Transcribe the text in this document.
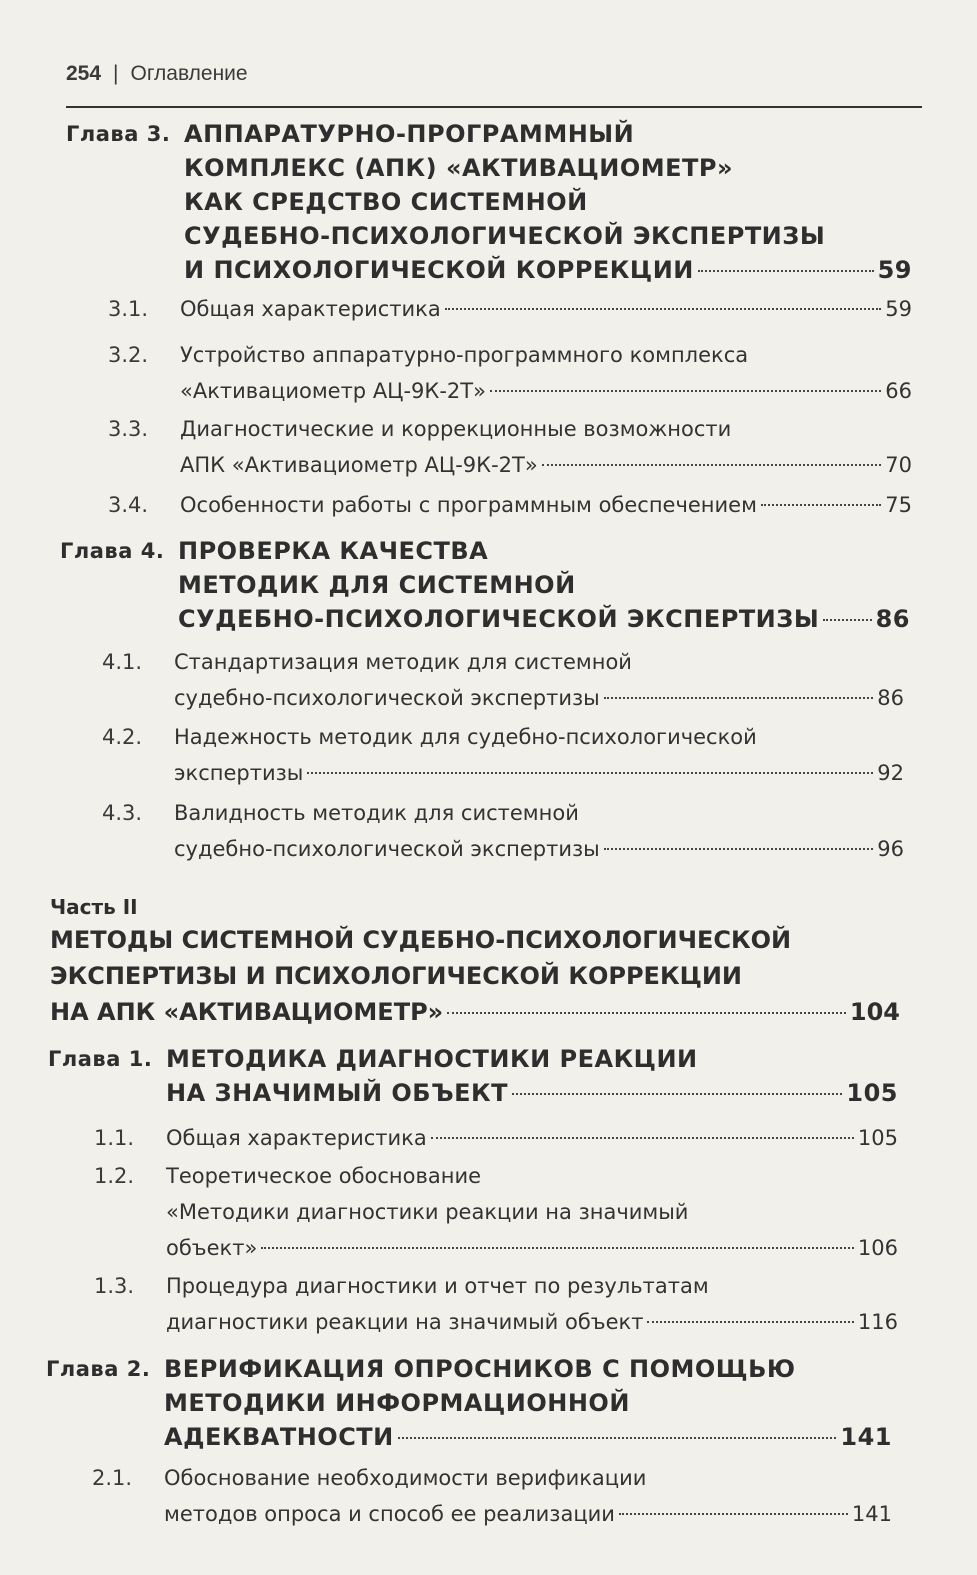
254 | Оглавление
Глава 3. АППАРАТУРНО-ПРОГРАММНЫЙ
КОМПЛЕКС (АПК) «АКТИВАЦИОМЕТР»
КАК СРЕДСТВО СИСТЕМНОЙ
СУДЕБНО-ПСИХОЛОГИЧЕСКОЙ ЭКСПЕРТИЗЫ
И ПСИХОЛОГИЧЕСКОЙ КОРРЕКЦИИ	59
3.1. Общая характеристика	59
3.2. Устройство аппаратурно-программного комплекса
«Активациометр АЦ-9К-2Т»	66
3.3. Диагностические и коррекционные возможности
АПК «Активациометр АЦ-9К-2Т»	70
3.4. Особенности работы с программным обеспечением	75
Глава 4. ПРОВЕРКА КАЧЕСТВА
МЕТОДИК ДЛЯ СИСТЕМНОЙ
СУДЕБНО-ПСИХОЛОГИЧЕСКОЙ ЭКСПЕРТИЗЫ 86
4.1. Стандартизация методик для системной
судебно-психологической экспертизы	86
4.2. Надежность методик для судебно-психологической
экспертизы	92
4.3. Валидность методик для системной
судебно-психологической экспертизы	96
Часть II
МЕТОДЫ СИСТЕМНОЙ СУДЕБНО-ПСИХОЛОГИЧЕСКОЙ
ЭКСПЕРТИЗЫ И ПСИХОЛОГИЧЕСКОЙ КОРРЕКЦИИ
НА АПК «АКТИВАЦИОМЕТР»	104
Глава 1. МЕТОДИКА ДИАГНОСТИКИ РЕАКЦИИ
НА ЗНАЧИМЫЙ ОБЪЕКТ	105
1.1. Общая характеристика	105
1.2. Теоретическое обоснование
«Методики диагностики реакции на значимый
объект»	106
1.3. Процедура диагностики и отчет по результатам
диагностики реакции на значимый объект	116
Глава 2. ВЕРИФИКАЦИЯ ОПРОСНИКОВ С ПОМОЩЬЮ
МЕТОДИКИ ИНФОРМАЦИОННОЙ
АДЕКВАТНОСТИ	141
2.1. Обоснование необходимости верификации
методов опроса и способ ее реализации	141
